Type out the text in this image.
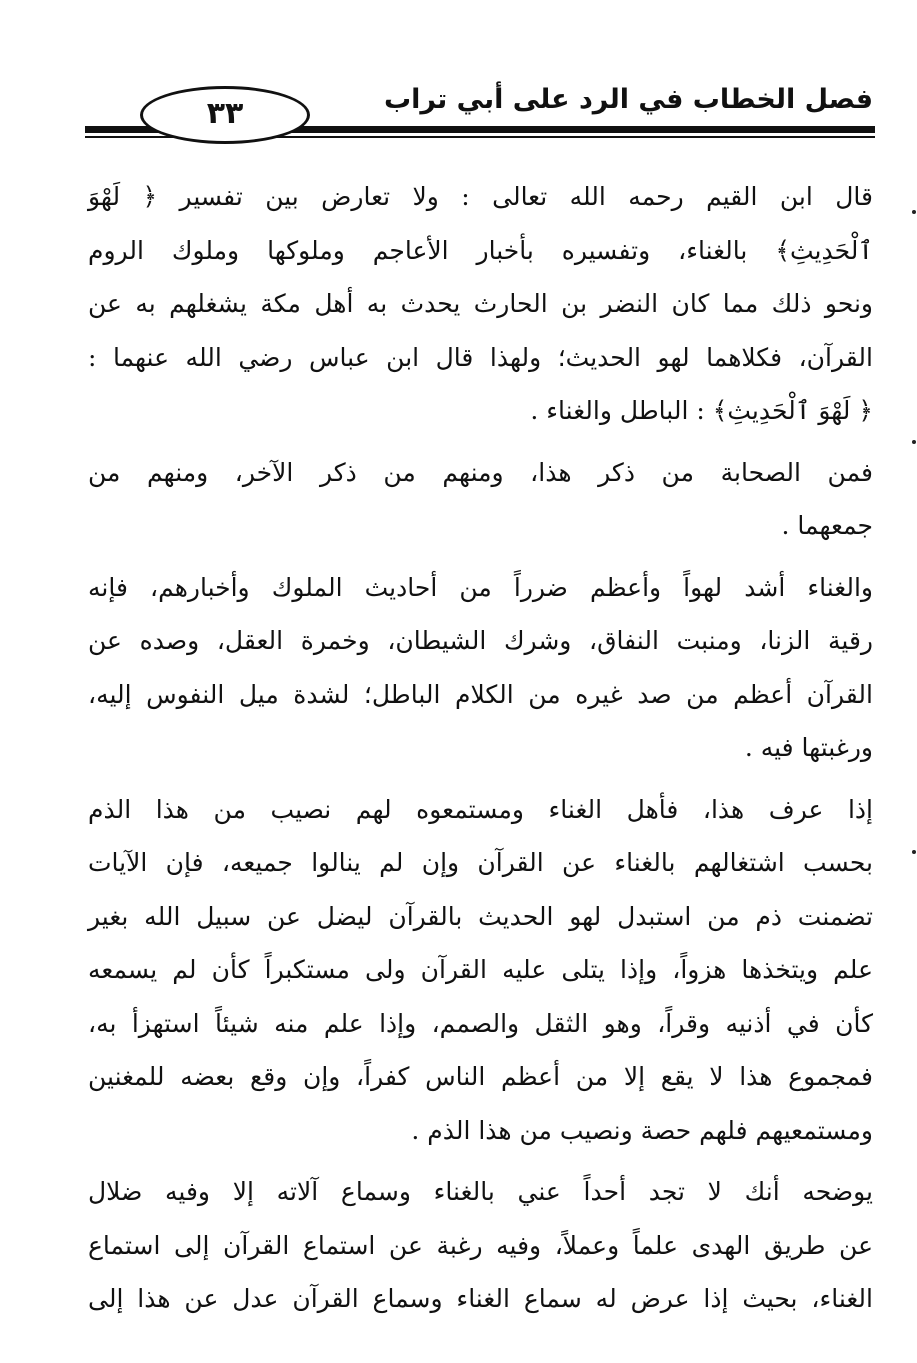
فصل الخطاب في الرد على أبي تراب
٣٣

قال ابن القيم رحمه الله تعالى : ولا تعارض بين تفسير ﴿ لَهْوَ
ٱلْحَدِيثِ﴾ بالغناء، وتفسيره بأخبار الأعاجم وملوكها وملوك الروم
ونحو ذلك مما كان النضر بن الحارث يحدث به أهل مكة يشغلهم به عن
القرآن، فكلاهما لهو الحديث؛ ولهذا قال ابن عباس رضي الله عنهما :
﴿ لَهْوَ ٱلْحَدِيثِ﴾ : الباطل والغناء .

فمن الصحابة من ذكر هذا، ومنهم من ذكر الآخر، ومنهم من
جمعهما .

والغناء أشد لهواً وأعظم ضرراً من أحاديث الملوك وأخبارهم، فإنه
رقية الزنا، ومنبت النفاق، وشرك الشيطان، وخمرة العقل، وصده عن
القرآن أعظم من صد غيره من الكلام الباطل؛ لشدة ميل النفوس إليه،
ورغبتها فيه .

إذا عرف هذا، فأهل الغناء ومستمعوه لهم نصيب من هذا الذم
بحسب اشتغالهم بالغناء عن القرآن وإن لم ينالوا جميعه، فإن الآيات
تضمنت ذم من استبدل لهو الحديث بالقرآن ليضل عن سبيل الله بغير
علم ويتخذها هزواً، وإذا يتلى عليه القرآن ولى مستكبراً كأن لم يسمعه
كأن في أذنيه وقراً، وهو الثقل والصمم، وإذا علم منه شيئاً استهزأ به،
فمجموع هذا لا يقع إلا من أعظم الناس كفراً، وإن وقع بعضه للمغنين
ومستمعيهم فلهم حصة ونصيب من هذا الذم .

يوضحه أنك لا تجد أحداً عني بالغناء وسماع آلاته إلا وفيه ضلال
عن طريق الهدى علماً وعملاً، وفيه رغبة عن استماع القرآن إلى استماع
الغناء، بحيث إذا عرض له سماع الغناء وسماع القرآن عدل عن هذا إلى
